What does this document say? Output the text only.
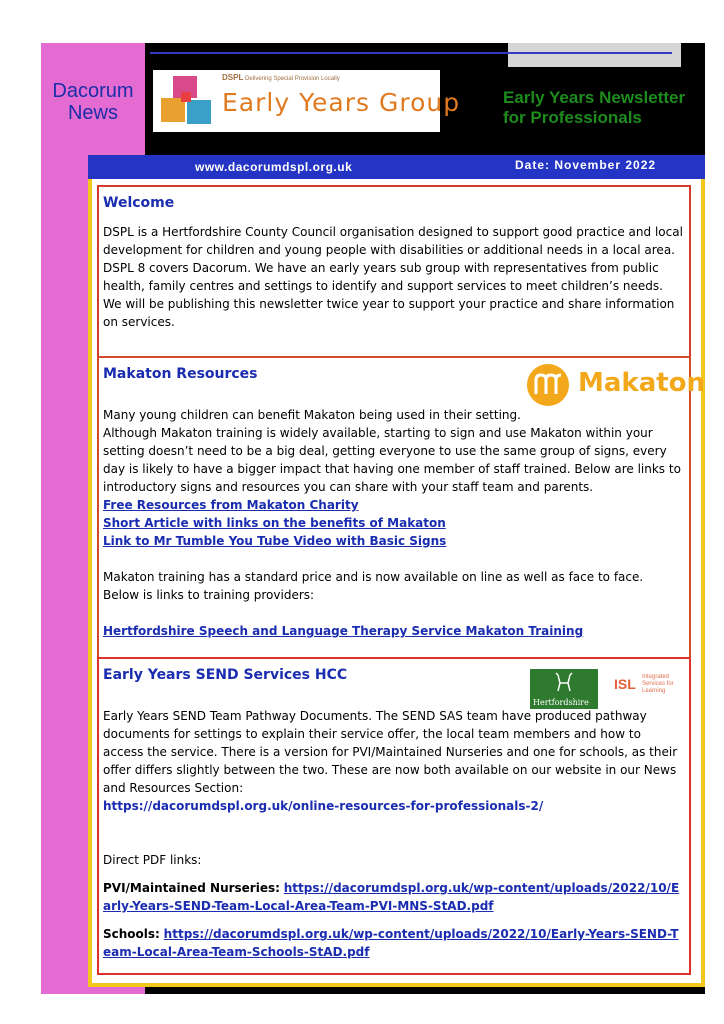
Dacorum News
DSPL Delivering Special Provision Locally
Early Years Group	Early Years Newsletter for Professionals
www.dacorumdspl.org.uk	Date: November 2022
Welcome
DSPL is a Hertfordshire County Council organisation designed to support good practice and local development for children and young people with disabilities or additional needs in a local area. DSPL 8 covers Dacorum. We have an early years sub group with representatives from public health, family centres and settings to identify and support services to meet children’s needs. We will be publishing this newsletter twice year to support your practice and share information on services.
Makaton Resources
Many young children can benefit Makaton being used in their setting.
Although Makaton training is widely available, starting to sign and use Makaton within your setting doesn’t need to be a big deal, getting everyone to use the same group of signs, every day is likely to have a bigger impact that having one member of staff trained. Below are links to introductory signs and resources you can share with your staff team and parents.
Free Resources from Makaton Charity
Short Article with links on the benefits of Makaton
Link to Mr Tumble You Tube Video with Basic Signs
Makaton training has a standard price and is now available on line as well as face to face. Below is links to training providers:
Hertfordshire Speech and Language Therapy Service Makaton Training
Makaton
Early Years SEND Services HCC
Early Years SEND Team Pathway Documents. The SEND SAS team have produced pathway documents for settings to explain their service offer, the local team members and how to access the service. There is a version for PVI/Maintained Nurseries and one for schools, as their offer differs slightly between the two. These are now both available on our website in our News and Resources Section:
https://dacorumdspl.org.uk/online-resources-for-professionals-2/
Direct PDF links:
PVI/Maintained Nurseries: https://dacorumdspl.org.uk/wp-content/uploads/2022/10/Early-Years-SEND-Team-Local-Area-Team-PVI-MNS-StAD.pdf
Schools: https://dacorumdspl.org.uk/wp-content/uploads/2022/10/Early-Years-SEND-Team-Local-Area-Team-Schools-StAD.pdf
Hertfordshire
ISL Integrated Services for Learning
